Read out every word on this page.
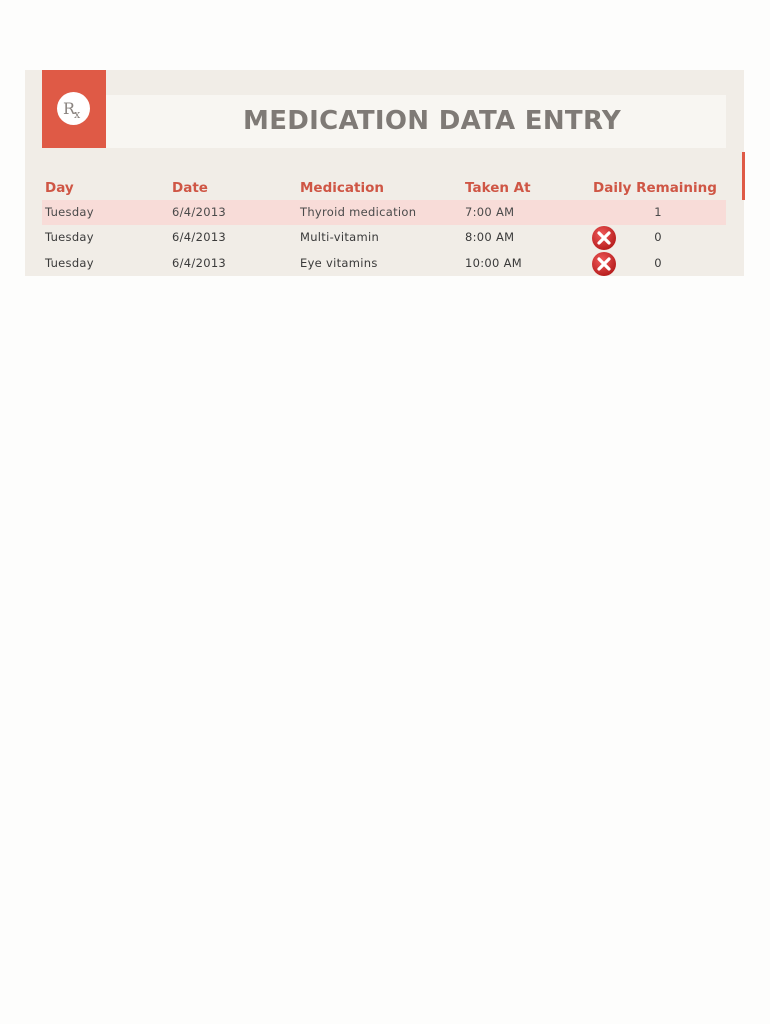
R
x	MEDICATION DATA ENTRY
Day	Date	Medication	Taken At	Daily Remaining
Tuesday	6/4/2013	Thyroid medication	7:00 AM	1
Tuesday	6/4/2013	Multi-vitamin	8:00 AM	0
Tuesday	6/4/2013	Eye vitamins	10:00 AM	0
